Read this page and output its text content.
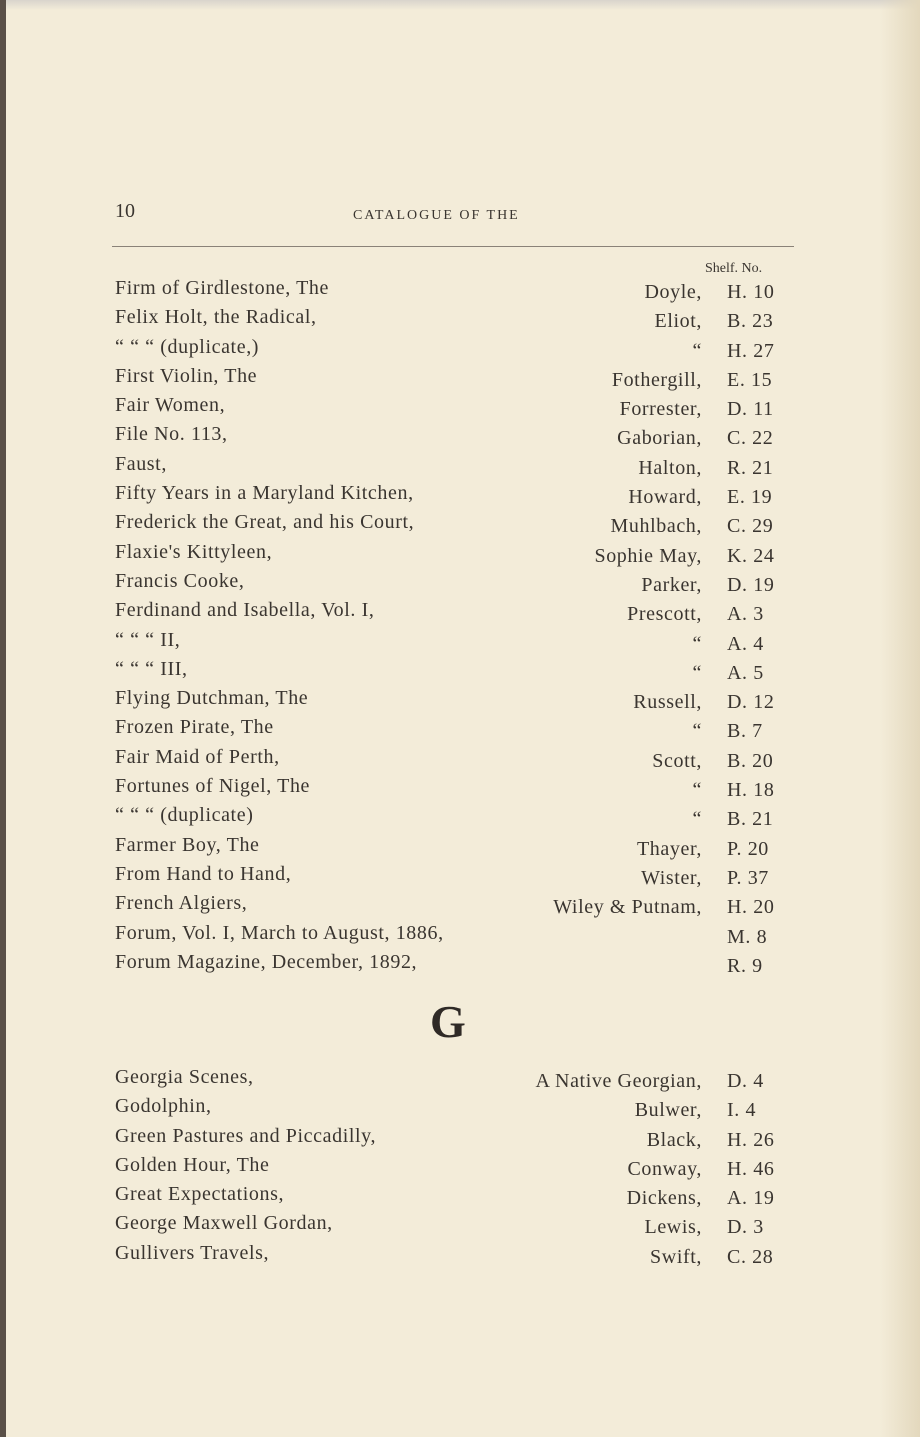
10	CATALOGUE OF THE
Shelf. No.
Firm of Girdlestone, The	Doyle, H. 10
Felix Holt, the Radical,	Eliot, B. 23
“ “ “ (duplicate,)	“ H. 27
First Violin, The	Fothergill, E. 15
Fair Women,	Forrester, D. 11
File No. 113,	Gaborian, C. 22
Faust,	Halton, R. 21
Fifty Years in a Maryland Kitchen,	Howard, E. 19
Frederick the Great, and his Court,	Muhlbach, C. 29
Flaxie's Kittyleen,	Sophie May, K. 24
Francis Cooke,	Parker, D. 19
Ferdinand and Isabella, Vol. I,	Prescott, A. 3
“ “ “ II,	“ A. 4
“ “ “ III,	“ A. 5
Flying Dutchman, The	Russell, D. 12
Frozen Pirate, The	“ B. 7
Fair Maid of Perth,	Scott, B. 20
Fortunes of Nigel, The	“ H. 18
“ “ “ (duplicate)	“ B. 21
Farmer Boy, The	Thayer, P. 20
From Hand to Hand,	Wister, P. 37
French Algiers,	Wiley & Putnam, H. 20
Forum, Vol. I, March to August, 1886,	M. 8
Forum Magazine, December, 1892,	R. 9
G
Georgia Scenes,	A Native Georgian, D. 4
Godolphin,	Bulwer, I. 4
Green Pastures and Piccadilly,	Black, H. 26
Golden Hour, The	Conway, H. 46
Great Expectations,	Dickens, A. 19
George Maxwell Gordan,	Lewis, D. 3
Gullivers Travels,	Swift, C. 28
